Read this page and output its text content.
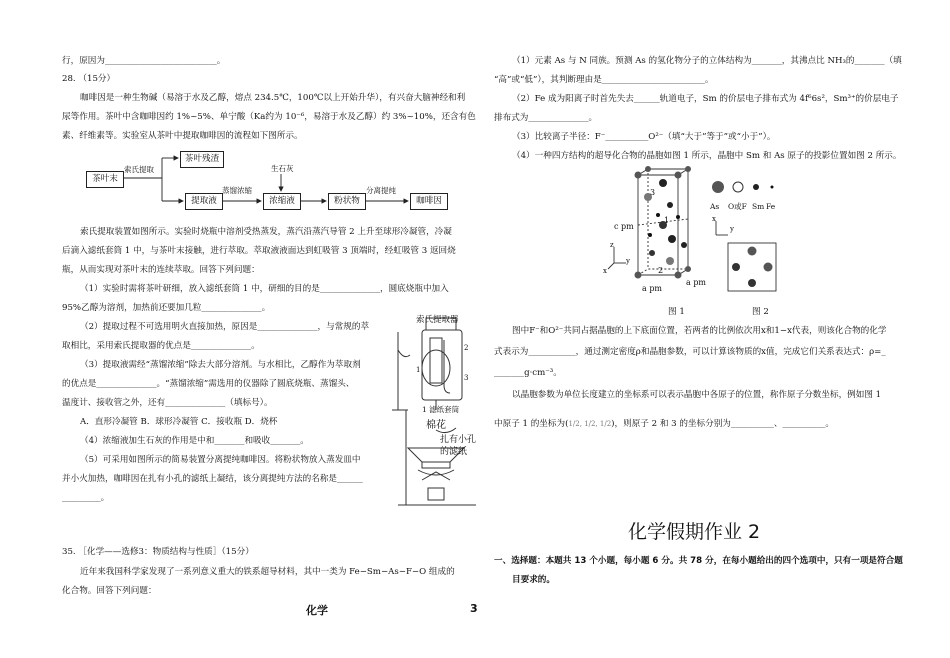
行，原因为__________________________。
28. （15分）
咖啡因是一种生物碱（易溶于水及乙醇，熔点 234.5℃，100℃以上开始升华），有兴奋大脑神经和利
尿等作用。茶叶中含咖啡因约 1%~5%、单宁酸（Ka约为 10⁻⁶，易溶于水及乙醇）约 3%~10%，还含有色
素、纤维素等。实验室从茶叶中提取咖啡因的流程如下图所示。
茶叶末
索氏提取
茶叶残渣
提取液
蒸馏浓缩
生石灰
浓缩液	粉状物
分离提纯
咖啡因
索氏提取装置如图所示。实验时烧瓶中溶剂受热蒸发，蒸汽沿蒸汽导管 2 上升至球形冷凝管，冷凝
后滴入滤纸套筒 1 中，与茶叶末接触，进行萃取。萃取液液面达到虹吸管 3 顶端时，经虹吸管 3 返回烧
瓶，从而实现对茶叶末的连续萃取。回答下列问题：
（1）实验时需将茶叶研细，放入滤纸套筒 1 中，研细的目的是______________，圆底烧瓶中加入
95%乙醇为溶剂，加热前还要加几粒______________。
（2）提取过程不可选用明火直接加热，原因是______________，与常规的萃
取相比，采用索氏提取器的优点是______________。
（3）提取液需经“蒸馏浓缩”除去大部分溶剂。与水相比，乙醇作为萃取剂
的优点是______________。“蒸馏浓缩”需选用的仪器除了圆底烧瓶、蒸馏头、
温度计、接收管之外，还有______________（填标号）。
A．直形冷凝管 B．球形冷凝管 C．接收瓶 D．烧杯
（4）浓缩液加生石灰的作用是中和_______和吸收_______。
（5）可采用如图所示的简易装置分离提纯咖啡因。将粉状物放入蒸发皿中
并小火加热，咖啡因在扎有小孔的滤纸上凝结，该分离提纯方法的名称是______
_________。
索氏提取器
1 滤纸套筒
棉花
扎有小孔
的滤纸
2
3
1
35. ［化学——选修3：物质结构与性质］（15分）
近年来我国科学家发现了一系列意义重大的铁系超导材料，其中一类为 Fe−Sm−As−F−O 组成的
化合物。回答下列问题：
（1）元素 As 与 N 同族。预测 As 的氢化物分子的立体结构为_______，其沸点比 NH₃的_______（填
“高”或“低”），其判断理由是________________________。
（2）Fe 成为阳离子时首先失去______轨道电子，Sm 的价层电子排布式为 4f⁶6s²，Sm³⁺的价层电子
排布式为______________。
（3）比较离子半径：F⁻__________O²⁻（填“大于”等于”或“小于”）。
（4）一种四方结构的超导化合物的晶胞如图 1 所示，晶胞中 Sm 和 As 原子的投影位置如图 2 所示。
3
2
1
As O或F Sm Fe
c pm
a pm
a pm
z
y
x
y
x
图 1	图 2
图中F⁻和O²⁻共同占据晶胞的上下底面位置，若两者的比例依次用x和1−x代表，则该化合物的化学
式表示为___________，通过测定密度ρ和晶胞参数，可以计算该物质的x值，完成它们关系表达式：ρ=_
_______g·cm⁻³。
以晶胞参数为单位长度建立的坐标系可以表示晶胞中各原子的位置，称作原子分数坐标，例如图 1
中原子 1 的坐标为(1/2, 1/2, 1/2)，则原子 2 和 3 的坐标分别为__________、__________。
化学假期作业 2
一、选择题：本题共 13 个小题，每小题 6 分。共 78 分，在每小题给出的四个选项中，只有一项是符合题
目要求的。
化学	3
